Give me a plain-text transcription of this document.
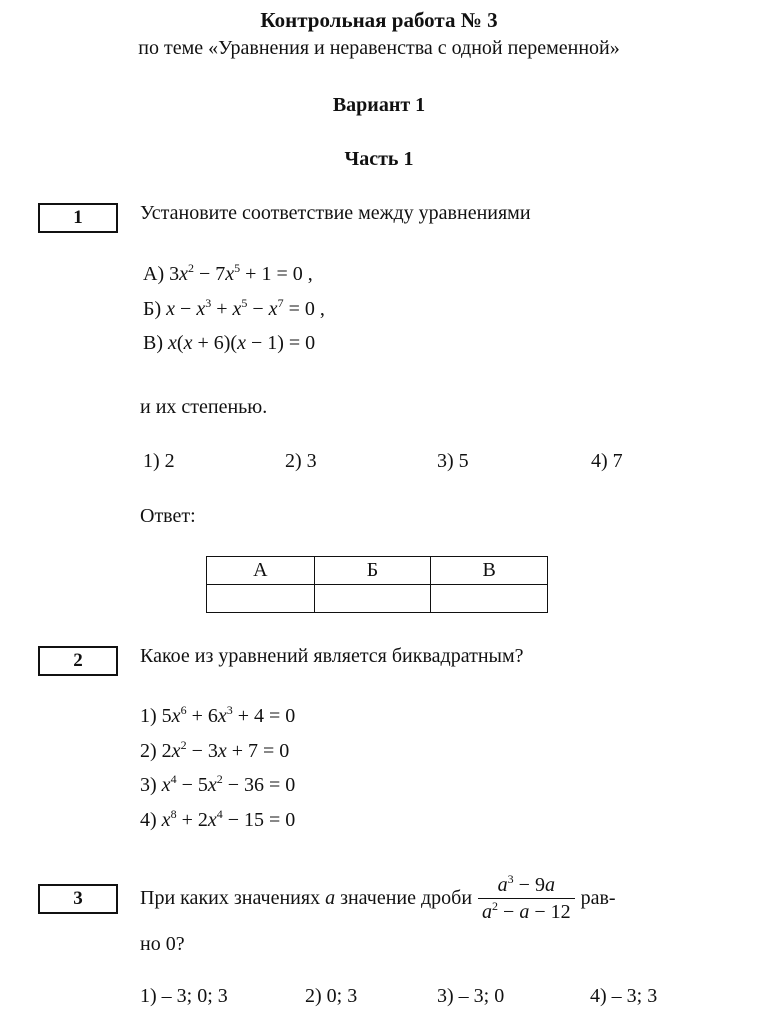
Контрольная работа № 3
по теме «Уравнения и неравенства с одной переменной»
Вариант 1
Часть 1
1	Установите соответствие между уравнениями
А) $3x^2 - 7x^5 + 1 = 0$ ,
Б) $x - x^3 + x^5 - x^7 = 0$ ,
В) x(x + 6)(x − 1) = 0
и их степенью.
1) 2	2) 3	3) 5	4) 7
Ответ:
А	Б	В

2	Какое из уравнений является биквадратным?
1) $5x^6 + 6x^3 + 4 = 0$
2) $2x^2 - 3x + 7 = 0$
3) $x^4 - 5x^2 - 36 = 0$
4) $x^8 + 2x^4 - 15 = 0$
3	При каких значениях
a
значение дроби $\frac{a^3 - 9a}{a^2 - a - 12} рав-$
но 0?
1) – 3; 0; 3	2) 0; 3	3) – 3; 0	4) – 3; 3
